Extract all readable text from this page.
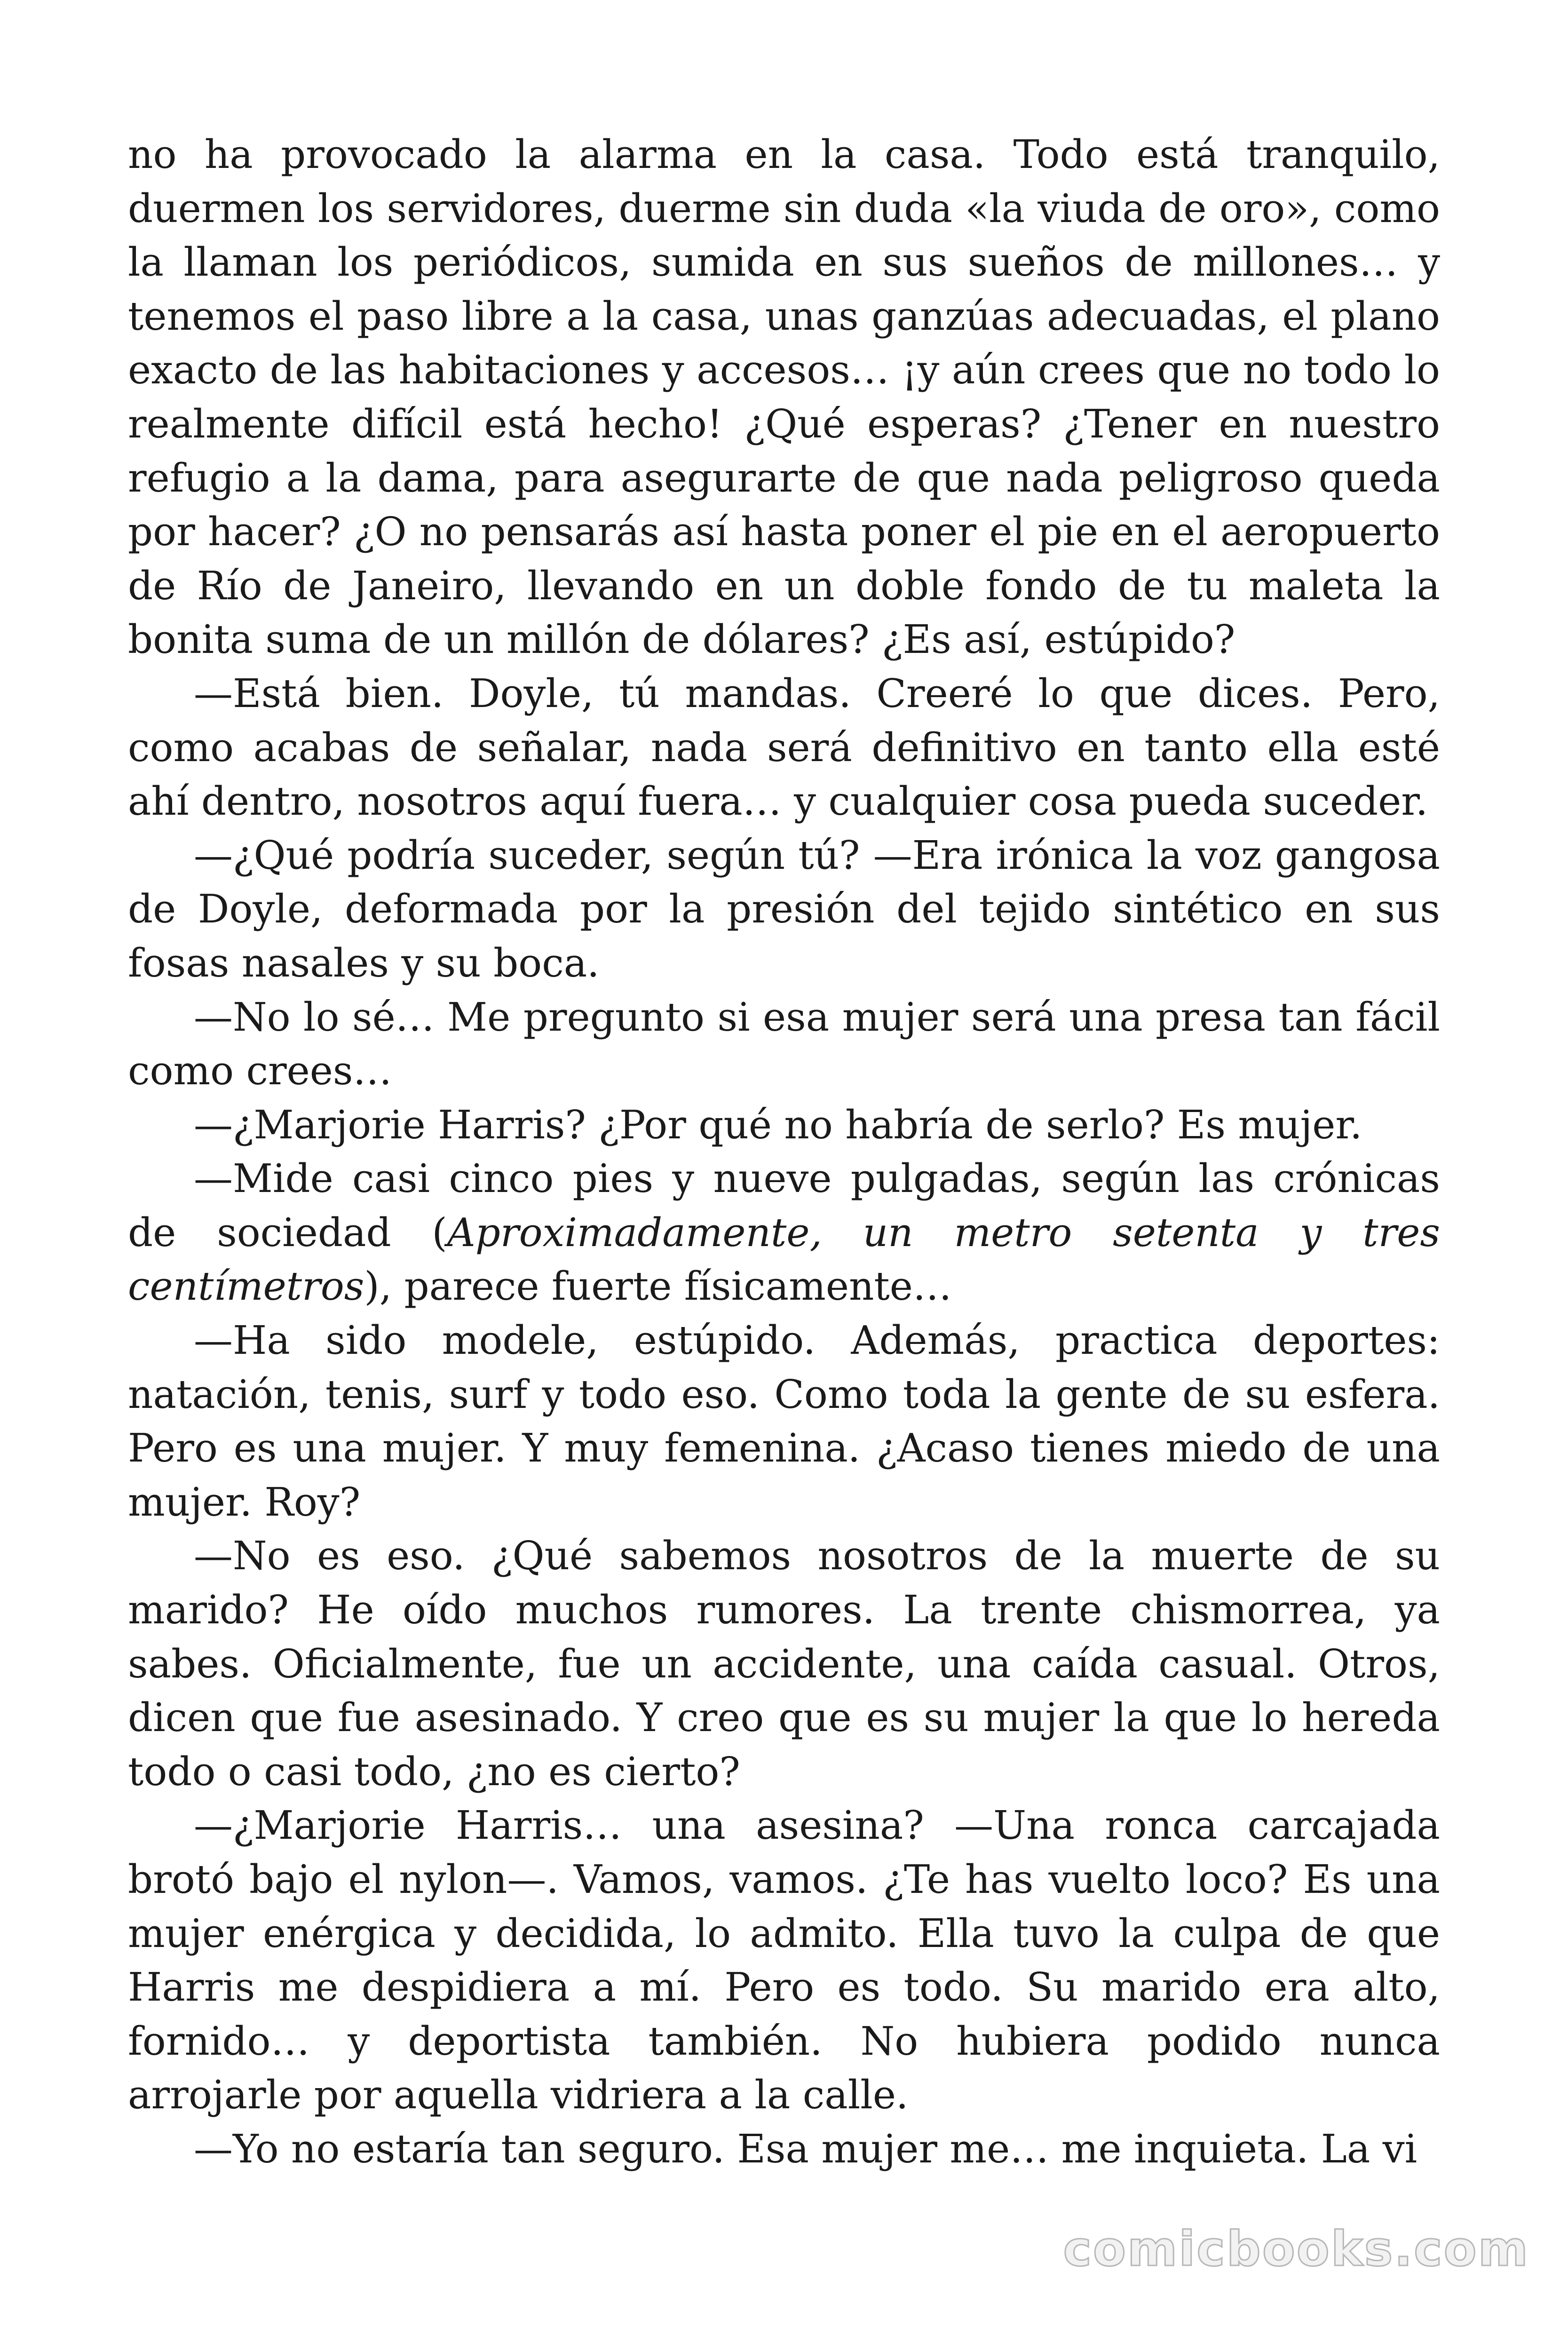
no ha provocado la alarma en la casa. Todo está tranquilo, duermen los servidores, duerme sin duda «la viuda de oro», como la llaman los periódicos, sumida en sus sueños de millones… y tenemos el paso libre a la casa, unas ganzúas adecuadas, el plano exacto de las habitaciones y accesos… ¡y aún crees que no todo lo realmente difícil está hecho! ¿Qué esperas? ¿Tener en nuestro refugio a la dama, para asegurarte de que nada peligroso queda por hacer? ¿O no pensarás así hasta poner el pie en el aeropuerto de Río de Janeiro, llevando en un doble fondo de tu maleta la bonita suma de un millón de dólares? ¿Es así, estúpido?

—Está bien. Doyle, tú mandas. Creeré lo que dices. Pero, como acabas de señalar, nada será definitivo en tanto ella esté ahí dentro, nosotros aquí fuera… y cualquier cosa pueda suceder.

—¿Qué podría suceder, según tú? —Era irónica la voz gangosa de Doyle, deformada por la presión del tejido sintético en sus fosas nasales y su boca.

—No lo sé… Me pregunto si esa mujer será una presa tan fácil como crees…

—¿Marjorie Harris? ¿Por qué no habría de serlo? Es mujer.

—Mide casi cinco pies y nueve pulgadas, según las crónicas de sociedad (Aproximadamente, un metro setenta y tres centímetros), parece fuerte físicamente…

—Ha sido modele, estúpido. Además, practica deportes: natación, tenis, surf y todo eso. Como toda la gente de su esfera. Pero es una mujer. Y muy femenina. ¿Acaso tienes miedo de una mujer. Roy?

—No es eso. ¿Qué sabemos nosotros de la muerte de su marido? He oído muchos rumores. La trente chismorrea, ya sabes. Oficialmente, fue un accidente, una caída casual. Otros, dicen que fue asesinado. Y creo que es su mujer la que lo hereda todo o casi todo, ¿no es cierto?

—¿Marjorie Harris… una asesina? —Una ronca carcajada brotó bajo el nylon—. Vamos, vamos. ¿Te has vuelto loco? Es una mujer enérgica y decidida, lo admito. Ella tuvo la culpa de que Harris me despidiera a mí. Pero es todo. Su marido era alto, fornido… y deportista también. No hubiera podido nunca arrojarle por aquella vidriera a la calle.

—Yo no estaría tan seguro. Esa mujer me… me inquieta. La vi

comicbooks.com
